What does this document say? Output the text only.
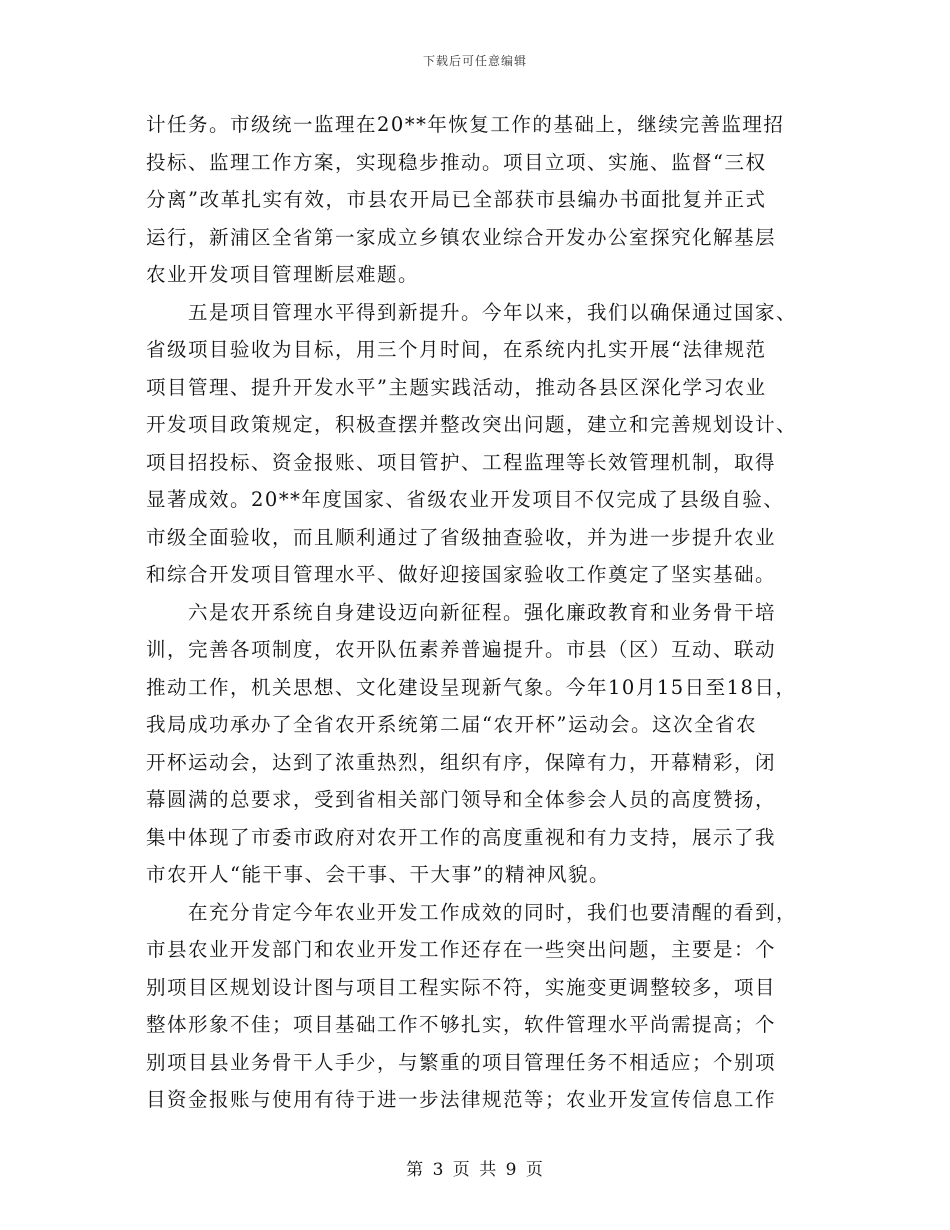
下载后可任意编辑

计任务。市级统一监理在20**年恢复工作的基础上，继续完善监理招
投标、监理工作方案，实现稳步推动。项目立项、实施、监督“三权
分离”改革扎实有效，市县农开局已全部获市县编办书面批复并正式
运行，新浦区全省第一家成立乡镇农业综合开发办公室探究化解基层
农业开发项目管理断层难题。

　　五是项目管理水平得到新提升。今年以来，我们以确保通过国家、
省级项目验收为目标，用三个月时间，在系统内扎实开展“法律规范
项目管理、提升开发水平”主题实践活动，推动各县区深化学习农业
开发项目政策规定，积极查摆并整改突出问题，建立和完善规划设计、
项目招投标、资金报账、项目管护、工程监理等长效管理机制，取得
显著成效。20**年度国家、省级农业开发项目不仅完成了县级自验、
市级全面验收，而且顺利通过了省级抽查验收，并为进一步提升农业
和综合开发项目管理水平、做好迎接国家验收工作奠定了坚实基础。

　　六是农开系统自身建设迈向新征程。强化廉政教育和业务骨干培
训，完善各项制度，农开队伍素养普遍提升。市县（区）互动、联动
推动工作，机关思想、文化建设呈现新气象。今年10月15日至18日，
我局成功承办了全省农开系统第二届“农开杯”运动会。这次全省农
开杯运动会，达到了浓重热烈，组织有序，保障有力，开幕精彩，闭
幕圆满的总要求，受到省相关部门领导和全体参会人员的高度赞扬，
集中体现了市委市政府对农开工作的高度重视和有力支持，展示了我
市农开人“能干事、会干事、干大事”的精神风貌。

　　在充分肯定今年农业开发工作成效的同时，我们也要清醒的看到，
市县农业开发部门和农业开发工作还存在一些突出问题，主要是：个
别项目区规划设计图与项目工程实际不符，实施变更调整较多，项目
整体形象不佳；项目基础工作不够扎实，软件管理水平尚需提高；个
别项目县业务骨干人手少，与繁重的项目管理任务不相适应；个别项
目资金报账与使用有待于进一步法律规范等；农业开发宣传信息工作

第 3 页 共 9 页
